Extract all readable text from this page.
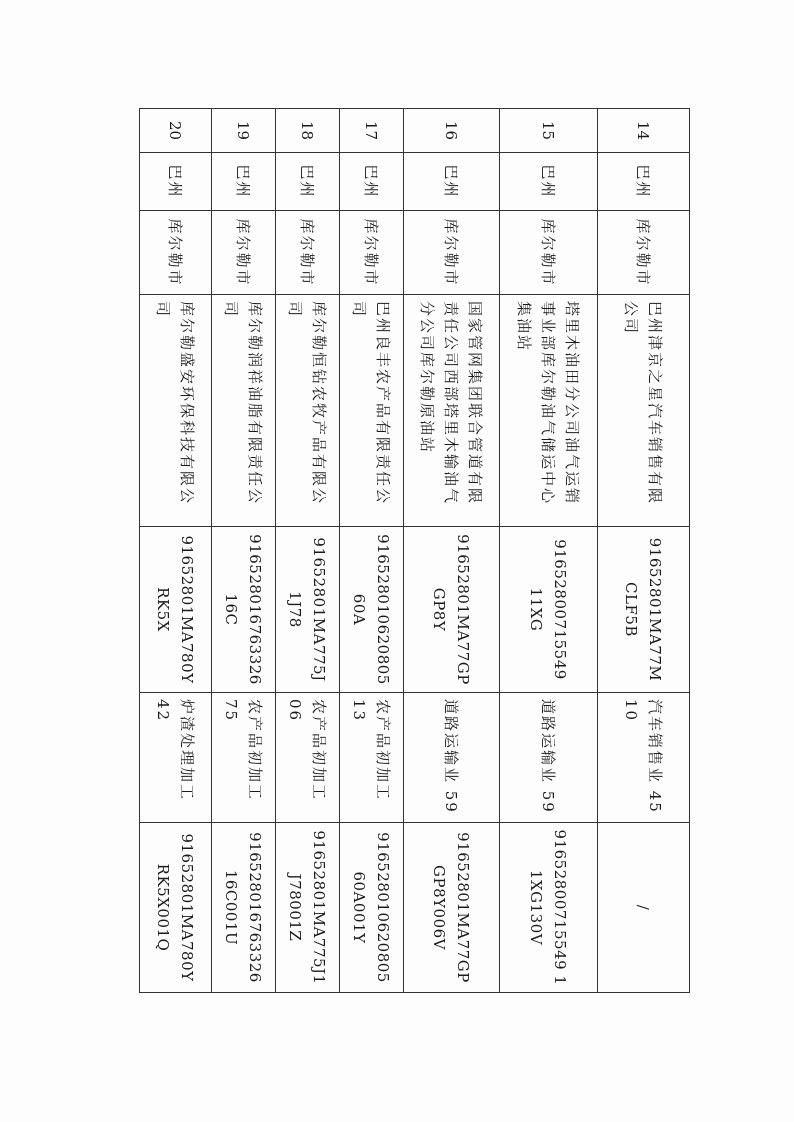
14	巴州	库尔勒市	巴州津京之星汽车销售有限公司	91652801MA77MCLF5B	汽车销售业 4510	/
15	巴州	库尔勒市	塔里木油田分公司油气运销事业部库尔勒油气储运中心集油站	91652800715549 11XG	道路运输业 59	91652800715549 11XG130V
16	巴州	库尔勒市	国家管网集团联合管道有限责任公司西部塔里木输油气分公司库尔勒原油站	91652801MA77GPGP8Y	道路运输业 59	91652801MA77GPGP8Y006V
17	巴州	库尔勒市	巴州良丰农产品有限责任公司	91652801062080560A	农产品初加工 13	91652801062080560A001Y
18	巴州	库尔勒市	库尔勒恒钻农牧产品有限公司	91652801MA775J1J78	农产品初加工 06	91652801MA775J1J78001Z
19	巴州	库尔勒市	库尔勒润祥油脂有限责任公司	91652801676332616C	农产品初加工 75	91652801676332616C001U
20	巴州	库尔勒市	库尔勒盛安环保科技有限公司	91652801MA780YRK5X	炉渣处理加工 42	91652801MA780YRK5X001Q
